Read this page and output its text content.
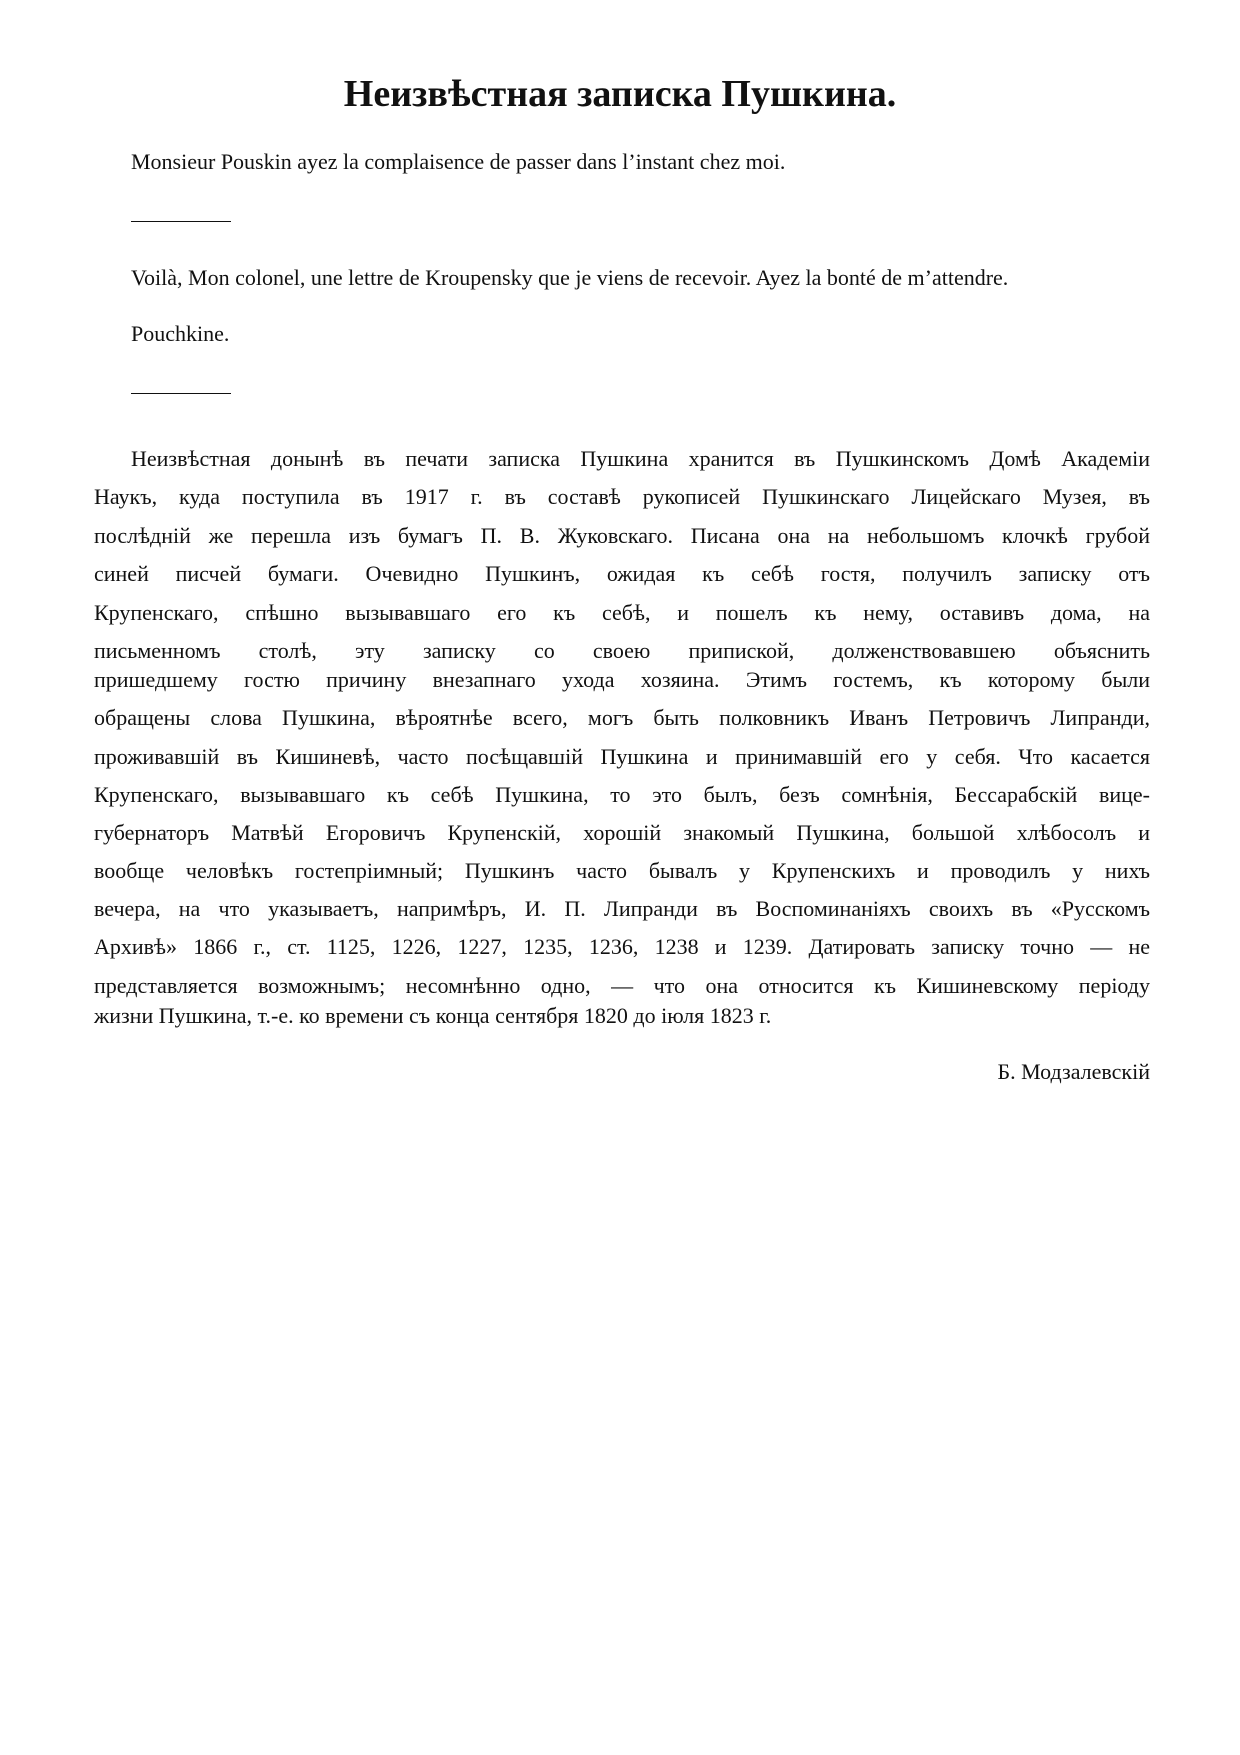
Неизвѣстная записка Пушкина.
Monsieur Pouskin ayez la complaisence de passer dans l’instant chez moi.
Voilà, Mon colonel, une lettre de Kroupensky que je viens de recevoir. Ayez la bonté de m’attendre.
Pouchkine.
Неизвѣстная донынѣ въ печати записка Пушкина хранится въ Пушкинскомъ Домѣ Академіи
Наукъ, куда поступила въ 1917 г. въ составѣ рукописей Пушкинскаго Лицейскаго Музея, въ
послѣдній же перешла изъ бумагъ П. В. Жуковскаго. Писана она на небольшомъ клочкѣ грубой
синей писчей бумаги. Очевидно Пушкинъ, ожидая къ себѣ гостя, получилъ записку отъ
Крупенскаго, спѣшно вызывавшаго его къ себѣ, и пошелъ къ нему, оставивъ дома, на
письменномъ столѣ, эту записку со своею припиской, долженствовавшею объяснить
пришедшему гостю причину внезапнаго ухода хозяина. Этимъ гостемъ, къ которому были
обращены слова Пушкина, вѣроятнѣе всего, могъ быть полковникъ Иванъ Петровичъ Липранди,
проживавшій въ Кишиневѣ, часто посѣщавшій Пушкина и принимавшій его у себя. Что касается
Крупенскаго, вызывавшаго къ себѣ Пушкина, то это былъ, безъ сомнѣнія, Бессарабскій вице-
губернаторъ Матвѣй Егоровичъ Крупенскій, хорошій знакомый Пушкина, большой хлѣбосолъ и
вообще человѣкъ гостепріимный; Пушкинъ часто бывалъ у Крупенскихъ и проводилъ у нихъ
вечера, на что указываетъ, напримѣръ, И. П. Липранди въ Воспоминаніяхъ своихъ въ «Русскомъ
Архивѣ» 1866 г., ст. 1125, 1226, 1227, 1235, 1236, 1238 и 1239. Датировать записку точно — не
представляется возможнымъ; несомнѣнно одно, — что она относится къ Кишиневскому періоду
жизни Пушкина, т.-е. ко времени съ конца сентября 1820 до іюля 1823 г.
Б. Модзалевскій
